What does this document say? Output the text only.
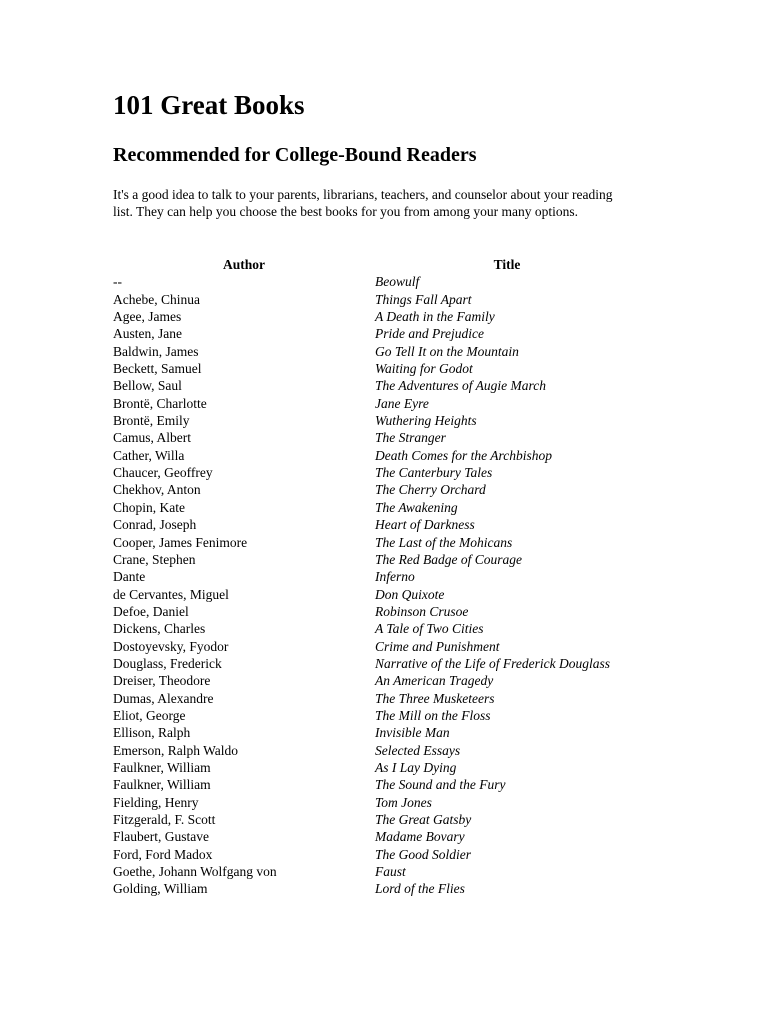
101 Great Books
Recommended for College-Bound Readers

It's a good idea to talk to your parents, librarians, teachers, and counselor about your reading list. They can help you choose the best books for you from among your many options.

Author	Title
--	Beowulf
Achebe, Chinua	Things Fall Apart
Agee, James	A Death in the Family
Austen, Jane	Pride and Prejudice
Baldwin, James	Go Tell It on the Mountain
Beckett, Samuel	Waiting for Godot
Bellow, Saul	The Adventures of Augie March
Brontë, Charlotte	Jane Eyre
Brontë, Emily	Wuthering Heights
Camus, Albert	The Stranger
Cather, Willa	Death Comes for the Archbishop
Chaucer, Geoffrey	The Canterbury Tales
Chekhov, Anton	The Cherry Orchard
Chopin, Kate	The Awakening
Conrad, Joseph	Heart of Darkness
Cooper, James Fenimore	The Last of the Mohicans
Crane, Stephen	The Red Badge of Courage
Dante	Inferno
de Cervantes, Miguel	Don Quixote
Defoe, Daniel	Robinson Crusoe
Dickens, Charles	A Tale of Two Cities
Dostoyevsky, Fyodor	Crime and Punishment
Douglass, Frederick	Narrative of the Life of Frederick Douglass
Dreiser, Theodore	An American Tragedy
Dumas, Alexandre	The Three Musketeers
Eliot, George	The Mill on the Floss
Ellison, Ralph	Invisible Man
Emerson, Ralph Waldo	Selected Essays
Faulkner, William	As I Lay Dying
Faulkner, William	The Sound and the Fury
Fielding, Henry	Tom Jones
Fitzgerald, F. Scott	The Great Gatsby
Flaubert, Gustave	Madame Bovary
Ford, Ford Madox	The Good Soldier
Goethe, Johann Wolfgang von	Faust
Golding, William	Lord of the Flies
